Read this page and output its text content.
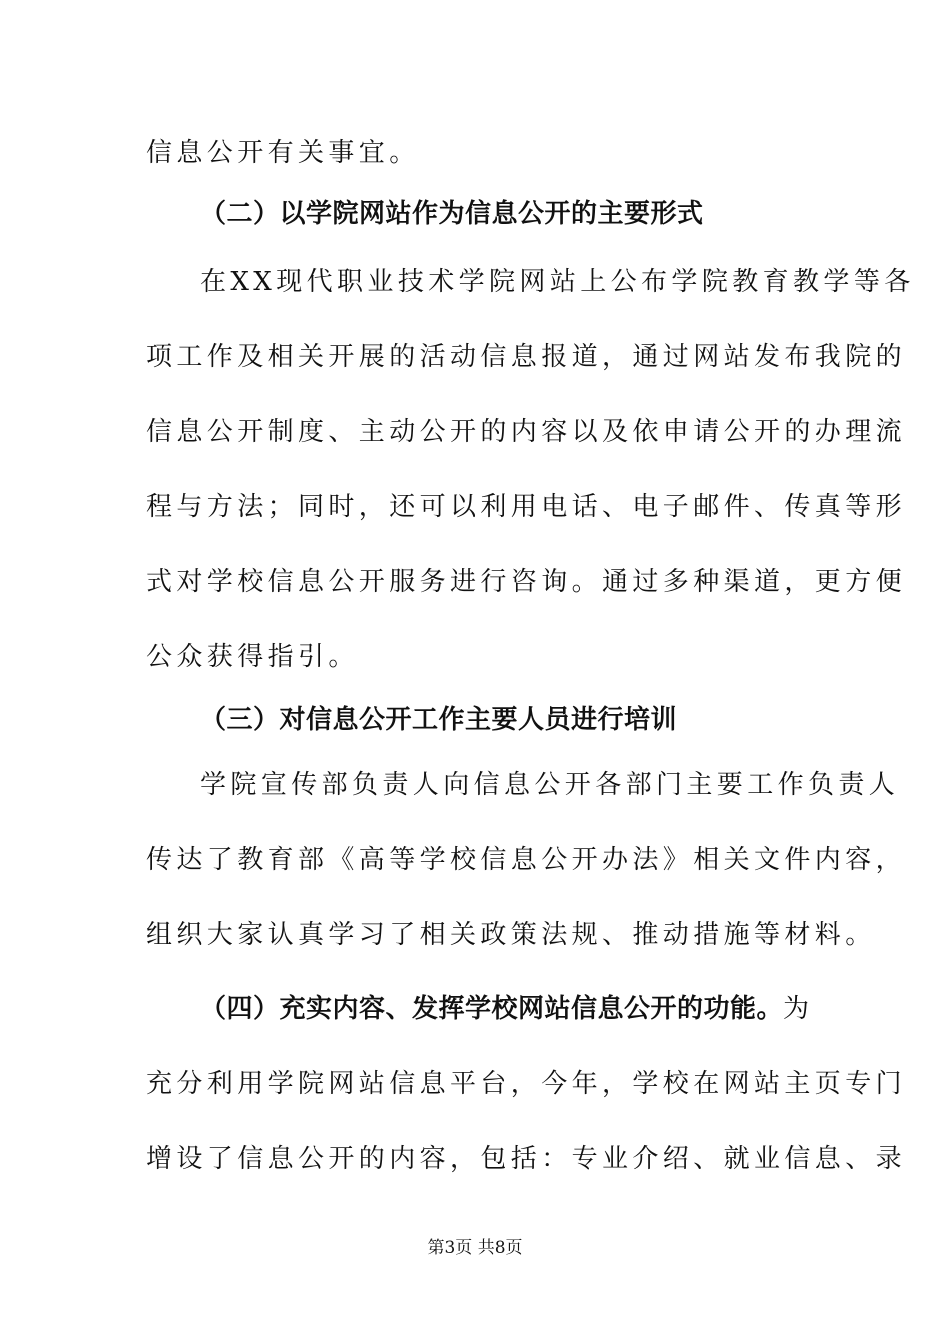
信息公开有关事宜。
（二）以学院网站作为信息公开的主要形式
在XX现代职业技术学院网站上公布学院教育教学等各
项工作及相关开展的活动信息报道，通过网站发布我院的
信息公开制度、主动公开的内容以及依申请公开的办理流
程与方法；同时，还可以利用电话、电子邮件、传真等形
式对学校信息公开服务进行咨询。通过多种渠道，更方便
公众获得指引。
（三）对信息公开工作主要人员进行培训
学院宣传部负责人向信息公开各部门主要工作负责人
传达了教育部《高等学校信息公开办法》相关文件内容，
组织大家认真学习了相关政策法规、推动措施等材料。
（四）充实内容、发挥学校网站信息公开的功能。为
充分利用学院网站信息平台，今年，学校在网站主页专门
增设了信息公开的内容，包括：专业介绍、就业信息、录
第3页 共8页
